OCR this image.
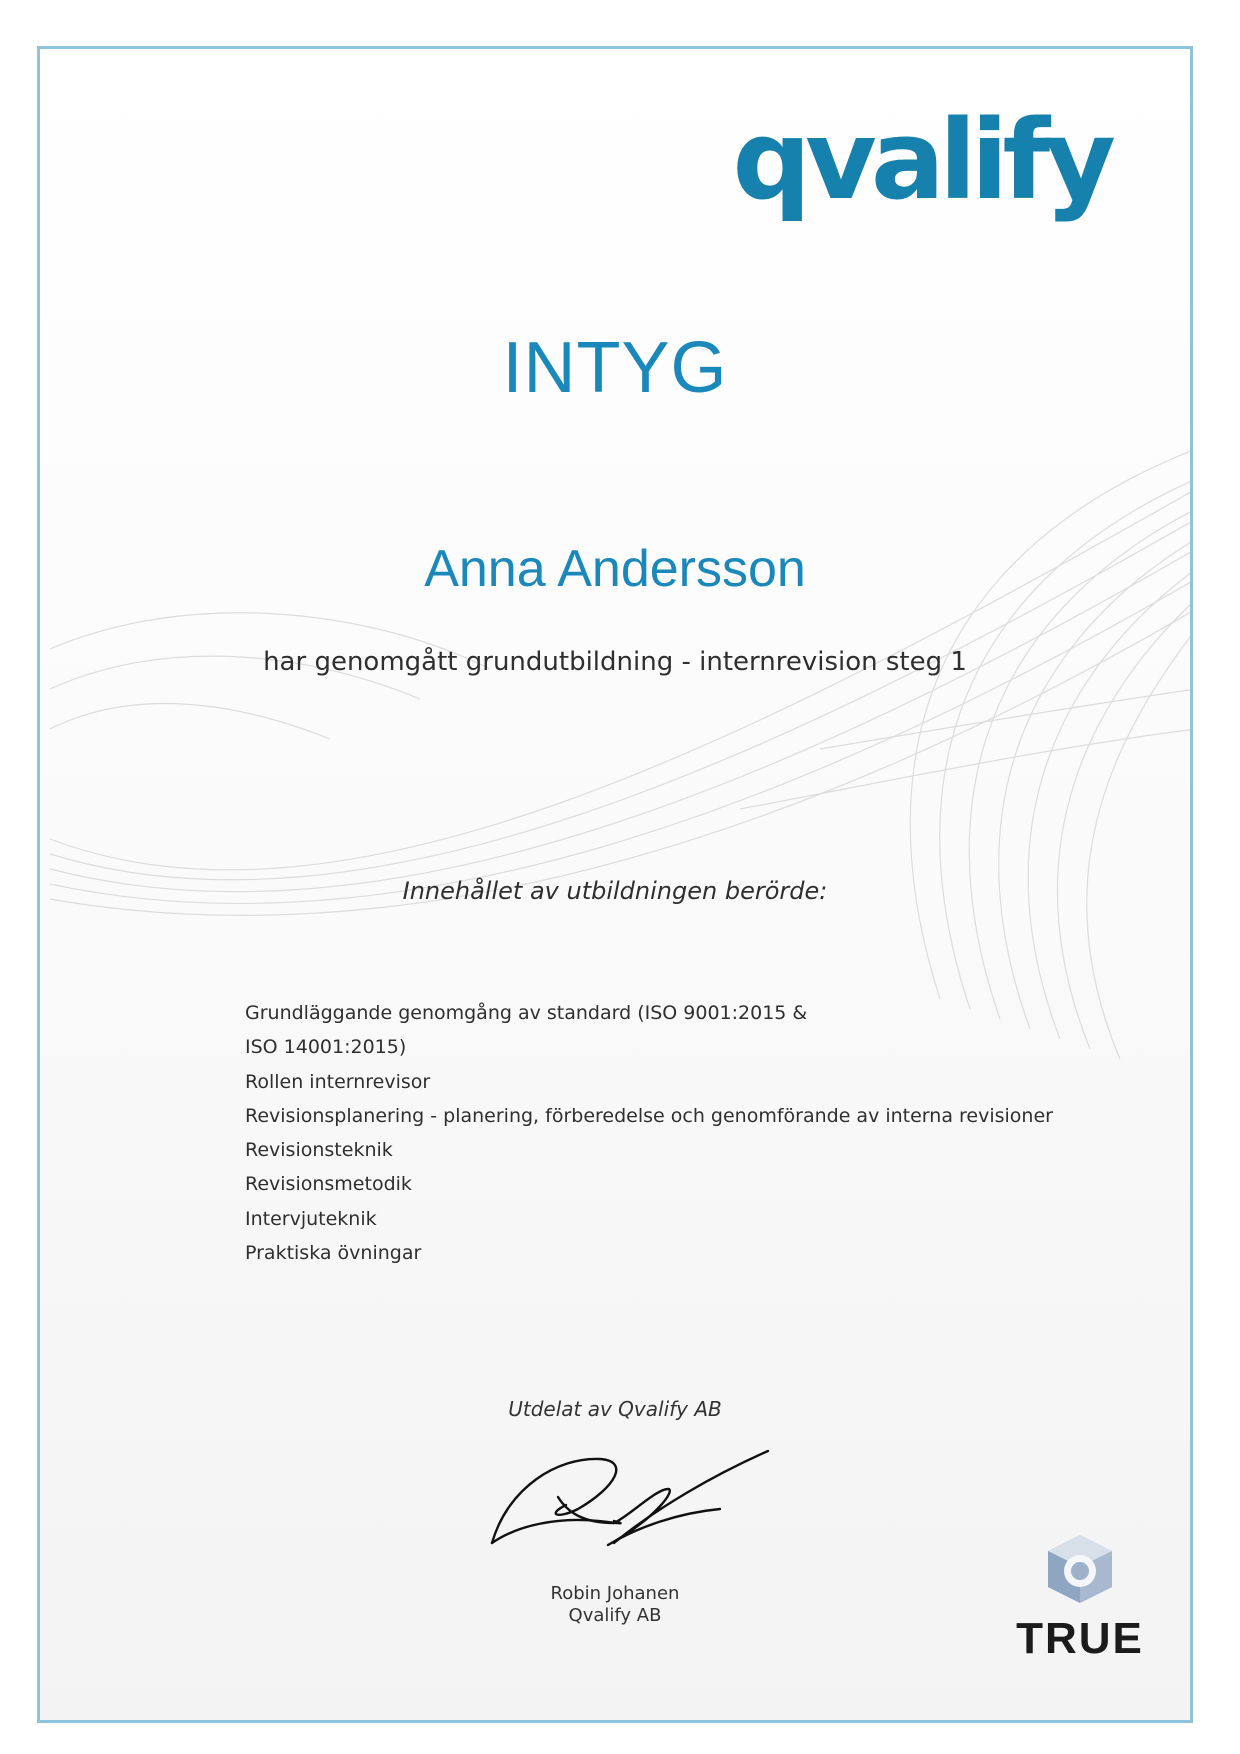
qvalify
INTYG
Anna Andersson
har genomgått grundutbildning - internrevision steg 1
Innehållet av utbildningen berörde:
Grundläggande genomgång av standard (ISO 9001:2015 &
ISO 14001:2015)
Rollen internrevisor
Revisionsplanering - planering, förberedelse och genomförande av interna revisioner
Revisionsteknik
Revisionsmetodik
Intervjuteknik
Praktiska övningar
Utdelat av Qvalify AB
Robin Johanen
Qvalify AB	TRUE
